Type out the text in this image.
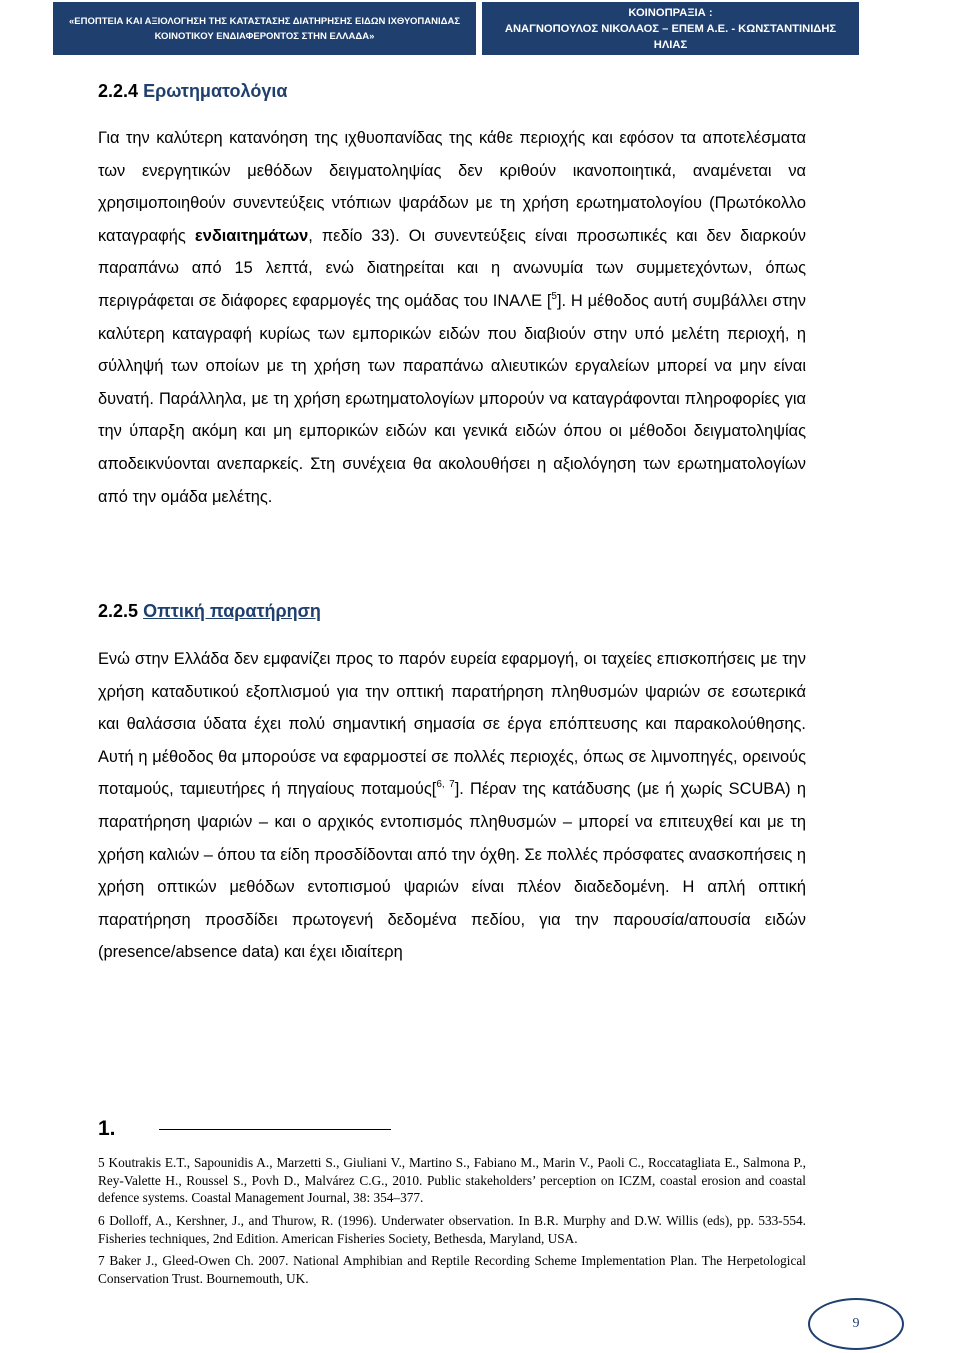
«ΕΠΟΠΤΕΙΑ ΚΑΙ ΑΞΙΟΛΟΓΗΣΗ ΤΗΣ ΚΑΤΑΣΤΑΣΗΣ ΔΙΑΤΗΡΗΣΗΣ ΕΙΔΩΝ ΙΧΘΥΟΠΑΝΙΔΑΣ
ΚΟΙΝΟΤΙΚΟΥ ΕΝΔΙΑΦΕΡΟΝΤΟΣ ΣΤΗΝ ΕΛΛΑΔΑ»
ΚΟΙΝΟΠΡΑΞΙΑ :
ΑΝΑΓΝΟΠΟΥΛΟΣ ΝΙΚΟΛΑΟΣ – ΕΠΕΜ Α.Ε. - ΚΩΝΣΤΑΝΤΙΝΙΔΗΣ
ΗΛΙΑΣ
2.2.4 Ερωτηματολόγια

Για την καλύτερη κατανόηση της ιχθυοπανίδας της κάθε περιοχής και εφόσον τα αποτελέσματα των ενεργητικών μεθόδων δειγματοληψίας δεν κριθούν ικανοποιητικά, αναμένεται να χρησιμοποιηθούν συνεντεύξεις ντόπιων ψαράδων με τη χρήση ερωτηματολογίου (Πρωτόκολλο καταγραφής ενδιαιτημάτων, πεδίο 33). Οι συνεντεύξεις είναι προσωπικές και δεν διαρκούν παραπάνω από 15 λεπτά, ενώ διατηρείται και η ανωνυμία των συμμετεχόντων, όπως περιγράφεται σε διάφορες εφαρμογές της ομάδας του ΙΝΑΛΕ [$^5$]. Η μέθοδος αυτή συμβάλλει στην καλύτερη καταγραφή κυρίως των εμπορικών ειδών που διαβιούν στην υπό μελέτη περιοχή, η σύλληψή των οποίων με τη χρήση των παραπάνω αλιευτικών εργαλείων μπορεί να μην είναι δυνατή. Παράλληλα, με τη χρήση ερωτηματολογίων μπορούν να καταγράφονται πληροφορίες για την ύπαρξη ακόμη και μη εμπορικών ειδών και γενικά ειδών όπου οι μέθοδοι δειγματοληψίας αποδεικνύονται ανεπαρκείς. Στη συνέχεια θα ακολουθήσει η αξιολόγηση των ερωτηματολογίων από την ομάδα μελέτης.

2.2.5 Οπτική παρατήρηση

Ενώ στην Ελλάδα δεν εμφανίζει προς το παρόν ευρεία εφαρμογή, οι ταχείες επισκοπήσεις με την χρήση καταδυτικού εξοπλισμού για την οπτική παρατήρηση πληθυσμών ψαριών σε εσωτερικά και θαλάσσια ύδατα έχει πολύ σημαντική σημασία σε έργα επόπτευσης και παρακολούθησης. Αυτή η μέθοδος θα μπορούσε να εφαρμοστεί σε πολλές περιοχές, όπως σε λιμνοπηγές, ορεινούς ποταμούς, ταμιευτήρες ή πηγαίους ποταμούς[$^{6, 7}$]. Πέραν της κατάδυσης (με ή χωρίς SCUBA) η παρατήρηση ψαριών – και ο αρχικός εντοπισμός πληθυσμών – μπορεί να επιτευχθεί και με τη χρήση καλιών – όπου τα είδη προσδίδονται από την όχθη. Σε πολλές πρόσφατες ανασκοπήσεις η χρήση οπτικών μεθόδων εντοπισμού ψαριών είναι πλέον διαδεδομένη. Η απλή οπτική παρατήρηση προσδίδει πρωτογενή δεδομένα πεδίου, για την παρουσία/απουσία ειδών (presence/absence data) και έχει ιδιαίτερη

1.

5 Koutrakis E.T., Sapounidis A., Marzetti S., Giuliani V., Martino S., Fabiano M., Marin V., Paoli C., Roccatagliata E., Salmona P., Rey-Valette H., Roussel S., Povh D., Malvárez C.G., 2010. Public stakeholders’ perception on ICZM, coastal erosion and coastal defence systems. Coastal Management Journal, 38: 354–377.

6 Dolloff, A., Kershner, J., and Thurow, R. (1996). Underwater observation. In B.R. Murphy and D.W. Willis (eds), pp. 533-554. Fisheries techniques, 2nd Edition. American Fisheries Society, Bethesda, Maryland, USA.

7 Baker J., Gleed-Owen Ch. 2007. National Amphibian and Reptile Recording Scheme Implementation Plan. The Herpetological Conservation Trust. Bournemouth, UK.

9
